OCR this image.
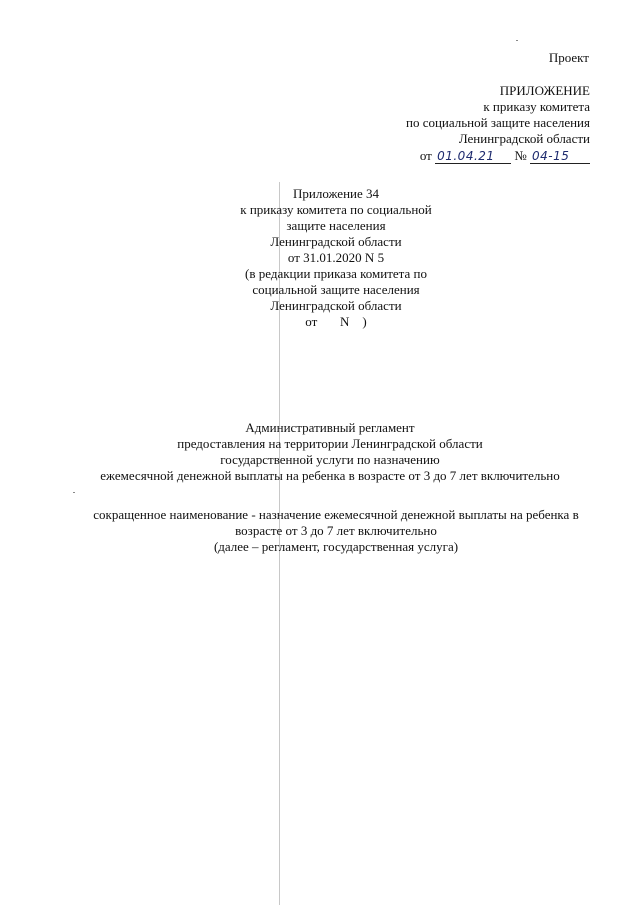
Проект
ПРИЛОЖЕНИЕ
к приказу комитета
по социальной защите населения
Ленинградской области
от 01.04.21 № 04-15
Приложение 34
к приказу комитета по социальной
защите населения
Ленинградской области
от 31.01.2020 N 5
(в редакции приказа комитета по
социальной защите населения
Ленинградской области
от       N    )
Административный регламент
предоставления на территории Ленинградской области
государственной услуги по назначению
ежемесячной денежной выплаты на ребенка в возрасте от 3 до 7 лет включительно
сокращенное наименование - назначение ежемесячной денежной выплаты на ребенка в
возрасте от 3 до 7 лет включительно
(далее – регламент, государственная услуга)
